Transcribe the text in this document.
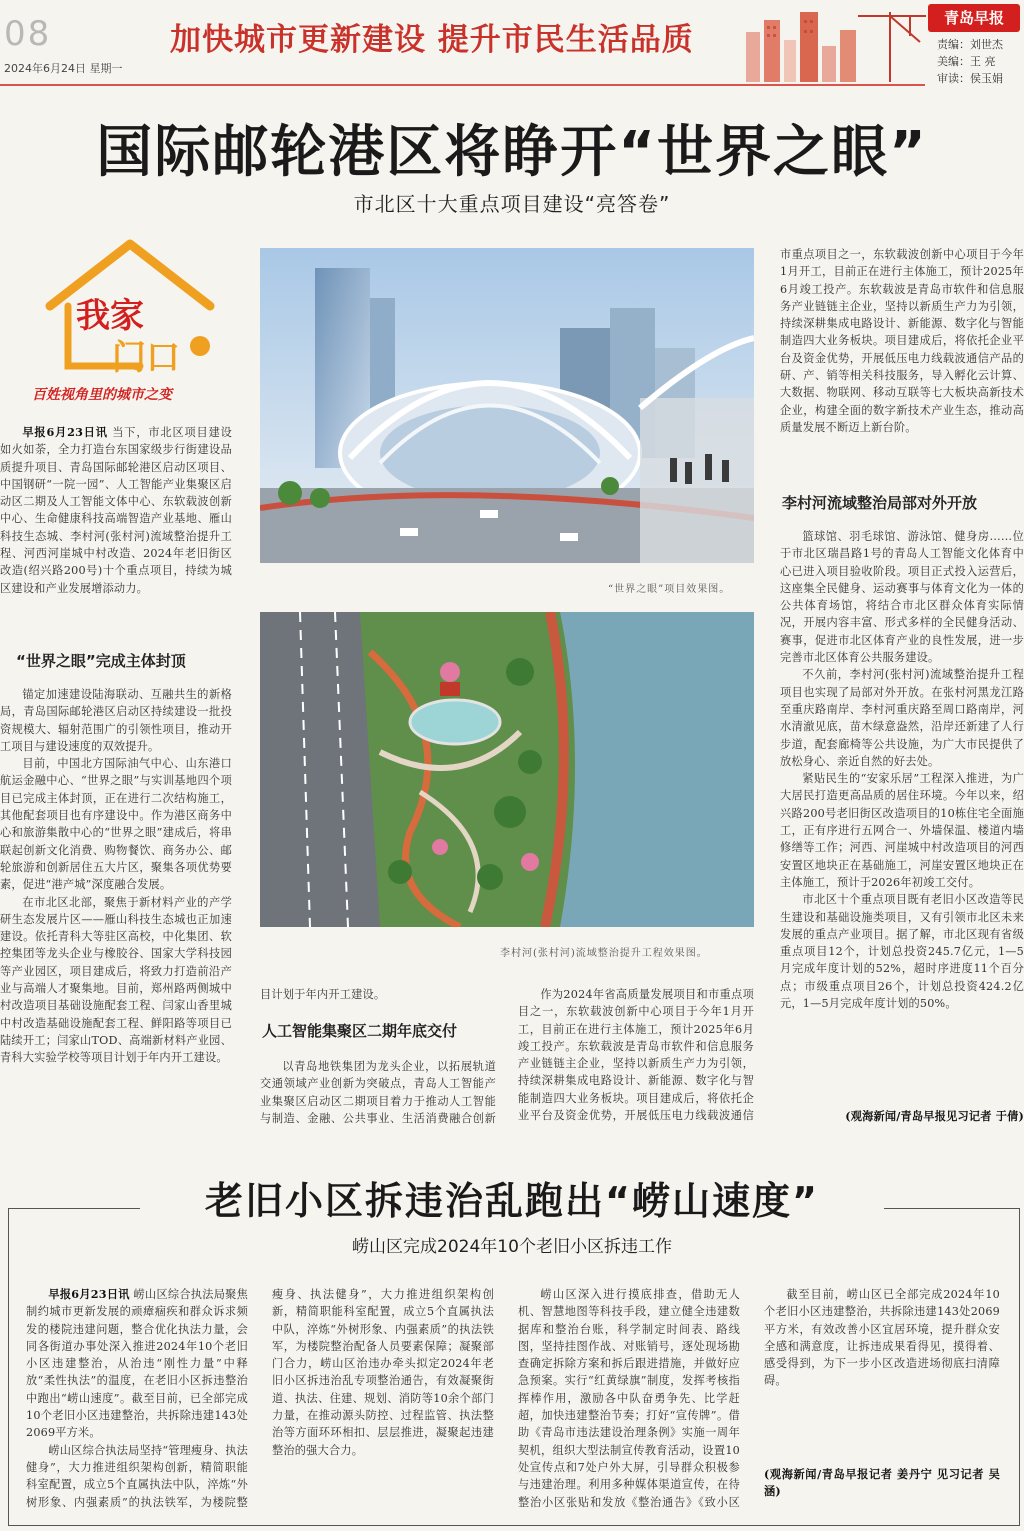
08
2024年6月24日 星期一
加快城市更新建设 提升市民生活品质
青岛早报
责编：刘世杰
美编：王 亮
审读：侯玉娟
国际邮轮港区将睁开“世界之眼”
市北区十大重点项目建设“亮答卷”
我家
门口
百姓视角里的城市之变

早报6月23日讯 当下，市北区项目建设如火如荼，全力打造台东国家级步行街建设品质提升项目、青岛国际邮轮港区启动区项目、中国钢研“一院一园”、人工智能产业集聚区启动区二期及人工智能文体中心、东软载波创新中心、生命健康科技高端智造产业基地、雁山科技生态城、李村河(张村河)流域整治提升工程、河西河崖城中村改造、2024年老旧街区改造(绍兴路200号)十个重点项目，持续为城区建设和产业发展增添动力。

“世界之眼”完成主体封顶

锚定加速建设陆海联动、互融共生的新格局，青岛国际邮轮港区启动区持续建设一批投资规模大、辐射范围广的引领性项目，推动开工项目与建设速度的双效提升。

目前，中国北方国际油气中心、山东港口航运金融中心、“世界之眼”与实训基地四个项目已完成主体封顶，正在进行二次结构施工，其他配套项目也有序建设中。作为港区商务中心和旅游集散中心的“世界之眼”建成后，将串联起创新文化消费、购物餐饮、商务办公、邮轮旅游和创新居住五大片区，聚集各项优势要素，促进“港产城”深度融合发展。

在市北区北部，聚焦于新材料产业的产学研生态发展片区——雁山科技生态城也正加速建设。依托青科大等驻区高校，中化集团、软控集团等龙头企业与橡胶谷、国家大学科技园等产业园区，项目建成后，将致力打造前沿产业与高端人才聚集地。目前，郑州路两侧城中村改造项目基础设施配套工程、闫家山香里城中村改造基础设施配套工程、鲜阳路等项目已陆续开工；闫家山TOD、高端新材料产业园、青科大实验学校等项目计划于年内开工建设。

“世界之眼”项目效果图。
李村河(张村河)流域整治提升工程效果图。

目计划于年内开工建设。

人工智能集聚区二期年底交付

以青岛地铁集团为龙头企业，以拓展轨道交通领域产业创新为突破点，青岛人工智能产业集聚区启动区二期项目着力于推动人工智能与制造、金融、公共事业、生活消费融合创新

作为2024年省高质量发展项目和市重点项目之一，东软载波创新中心项目于今年1月开工，目前正在进行主体施工，预计2025年6月竣工投产。东软载波是青岛市软件和信息服务产业链链主企业，坚持以新质生产力为引领，持续深耕集成电路设计、新能源、数字化与智能制造四大业务板块。项目建成后，将依托企业平台及资金优势，开展低压电力线载波通信

市重点项目之一，东软载波创新中心项目于今年1月开工，目前正在进行主体施工，预计2025年6月竣工投产。东软载波是青岛市软件和信息服务产业链链主企业，坚持以新质生产力为引领，持续深耕集成电路设计、新能源、数字化与智能制造四大业务板块。项目建成后，将依托企业平台及资金优势，开展低压电力线载波通信产品的研、产、销等相关科技服务，导入孵化云计算、大数据、物联网、移动互联等七大板块高新技术企业，构建全面的数字新技术产业生态，推动高质量发展不断迈上新台阶。

李村河流域整治局部对外开放

篮球馆、羽毛球馆、游泳馆、健身房……位于市北区瑞昌路1号的青岛人工智能文化体育中心已进入项目验收阶段。项目正式投入运营后，这座集全民健身、运动赛事与体育文化为一体的公共体育场馆，将结合市北区群众体育实际情况，开展内容丰富、形式多样的全民健身活动、赛事，促进市北区体育产业的良性发展，进一步完善市北区体育公共服务建设。

不久前，李村河(张村河)流域整治提升工程项目也实现了局部对外开放。在张村河黑龙江路至重庆路南岸、李村河重庆路至周口路南岸，河水清澈见底，苗木绿意盎然，沿岸还新建了人行步道，配套廊椅等公共设施，为广大市民提供了放松身心、亲近自然的好去处。

紧贴民生的“安家乐居”工程深入推进，为广大居民打造更高品质的居住环境。今年以来，绍兴路200号老旧街区改造项目的10栋住宅全面施工，正有序进行五网合一、外墙保温、楼道内墙修缮等工作；河西、河崖城中村改造项目的河西安置区地块正在基础施工，河崖安置区地块正在主体施工，预计于2026年初竣工交付。

市北区十个重点项目既有老旧小区改造等民生建设和基础设施类项目，又有引领市北区未来发展的重点产业项目。据了解，市北区现有省级重点项目12个，计划总投资245.7亿元，1—5月完成年度计划的52%，超时序进度11个百分点；市级重点项目26个，计划总投资424.2亿元，1—5月完成年度计划的50%。

(观海新闻/青岛早报见习记者 于倩)
老旧小区拆违治乱跑出“崂山速度”
崂山区完成2024年10个老旧小区拆违工作

早报6月23日讯 崂山区综合执法局聚焦制约城市更新发展的顽瘴痼疾和群众诉求频发的楼院违建问题，整合优化执法力量，会同各街道办事处深入推进2024年10个老旧小区违建整治，从治违“刚性力量”中释放“柔性执法”的温度，在老旧小区拆违整治中跑出“崂山速度”。截至目前，已全部完成10个老旧小区违建整治，共拆除违建143处2069平方米。

崂山区综合执法局坚持“管理瘦身、执法健身”，大力推进组织架构创新，精简职能科室配置，成立5个直属执法中队，淬炼“外树形象、内强素质”的执法铁军，为楼院整

瘦身、执法健身”，大力推进组织架构创新，精简职能科室配置，成立5个直属执法中队，淬炼“外树形象、内强素质”的执法铁军，为楼院整治配备人员要素保障；凝聚部门合力，崂山区治违办牵头拟定2024年老旧小区拆违治乱专项整治通告，有效凝聚街道、执法、住建、规划、消防等10余个部门力量，在推动源头防控、过程监管、执法整治等方面环环相扣、层层推进，凝聚起违建整治的强大合力。

崂山区深入进行摸底排查，借助无人机、智慧地图等科技手段，建立健全违建数据库和整治台账，科学制定时间表、路线图，坚持挂图作战、对账销号，逐处现场勘查确定拆除方案和拆后跟进措施，并做好应急预案。实行“红黄绿旗”制度，发挥考核指挥棒作用，激励各中队奋勇争先、比学赶超，加快违建整治节奏；打好“宣传牌”。借助《青岛市违法建设治理条例》实施一周年契机，组织大型法制宣传教育活动，设置10处宣传点和7处户外大屏，引导群众积极参与违建治理。利用多种媒体渠道宣传，在待整治小区张贴和发放《整治通告》《致小区

截至目前，崂山区已全部完成2024年10个老旧小区违建整治，共拆除违建143处2069平方米，有效改善小区宜居环境，提升群众安全感和满意度，让拆违成果看得见，摸得着、感受得到，为下一步小区改造进场彻底扫清障碍。

(观海新闻/青岛早报记者 姜丹宁 见习记者 吴涵)
